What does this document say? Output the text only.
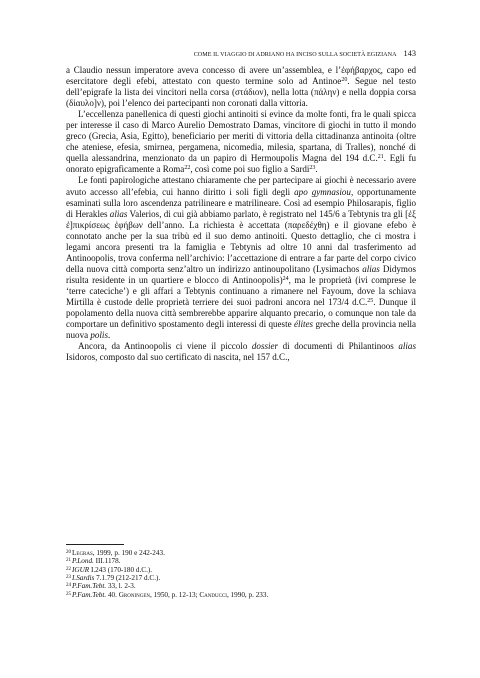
COME IL VIAGGIO DI ADRIANO HA INCISO SULLA SOCIETÀ EGIZIANA 143

a Claudio nessun imperatore aveva concesso di avere un’assemblea, e l’ἐφήβαρχος, capo ed esercitatore degli efebi, attestato con questo termine solo ad Antinoe$^{20}$. Segue nel testo dell’epigrafe la lista dei vincitori nella corsa (στάδιον), nella lotta (πάλην) e nella doppia corsa (δίαυλο]ν), poi l’elenco dei partecipanti non coronati dalla vittoria.

L’eccellenza panellenica di questi giochi antinoiti si evince da molte fonti, fra le quali spicca per interesse il caso di Marco Aurelio Demostrato Damas, vincitore di giochi in tutto il mondo greco (Grecia, Asia, Egitto), beneficiario per meriti di vittoria della cittadinanza antinoita (oltre che ateniese, efesia, smirnea, pergamena, nicomedia, milesia, spartana, di Tralles), nonché di quella alessandrina, menzionato da un papiro di Hermoupolis Magna del 194 d.C.$^{21}$. Egli fu onorato epigraficamente a Roma$^{22}$, così come poi suo figlio a Sardi$^{23}$.

Le fonti papirologiche attestano chiaramente che per partecipare ai giochi è necessario avere avuto accesso all’efebia, cui hanno diritto i soli figli degli apo gymnasiou, opportunamente esaminati sulla loro ascendenza patrilineare e matrilineare. Così ad esempio Philosarapis, figlio di Herakles alias Valerios, di cui già abbiamo parlato, è registrato nel 145/6 a Tebtynis tra gli [ἐξ ἐ]πικρίσεως ἐφήβων dell’anno. La richiesta è accettata (παρεδέχθη) e il giovane efebo è connotato anche per la sua tribù ed il suo demo antinoiti. Questo dettaglio, che ci mostra i legami ancora presenti tra la famiglia e Tebtynis ad oltre 10 anni dal trasferimento ad Antinoopolis, trova conferma nell’archivio: l’accettazione di entrare a far parte del corpo civico della nuova città comporta senz’altro un indirizzo antinoupolitano (Lysimachos alias Didymos risulta residente in un quartiere e blocco di Antinoopolis)$^{24}$, ma le proprietà (ivi comprese le ‘terre cateciche’) e gli affari a Tebtynis continuano a rimanere nel Fayoum, dove la schiava Mirtilla è custode delle proprietà terriere dei suoi padroni ancora nel 173/4 d.C.$^{25}$. Dunque il popolamento della nuova città sembrerebbe apparire alquanto precario, o comunque non tale da comportare un definitivo spostamento degli interessi di queste élites greche della provincia nella nuova polis.

Ancora, da Antinoopolis ci viene il piccolo dossier di documenti di Philantinoos alias Isidoros, composto dal suo certificato di nascita, nel 157 d.C.,

$^{20}$Legras, 1999, p. 190 e 242-243.
$^{21}$P.Lond. III.1178.
$^{22}$IGUR I.243 (170-180 d.C.).
$^{23}$I.Sardis 7.1.79 (212-217 d.C.).
$^{24}$P.Fam.Tebt. 33, l. 2-3.
$^{25}$P.Fam.Tebt. 40. Groningen, 1950, p. 12-13; Canducci, 1990, p. 233.
